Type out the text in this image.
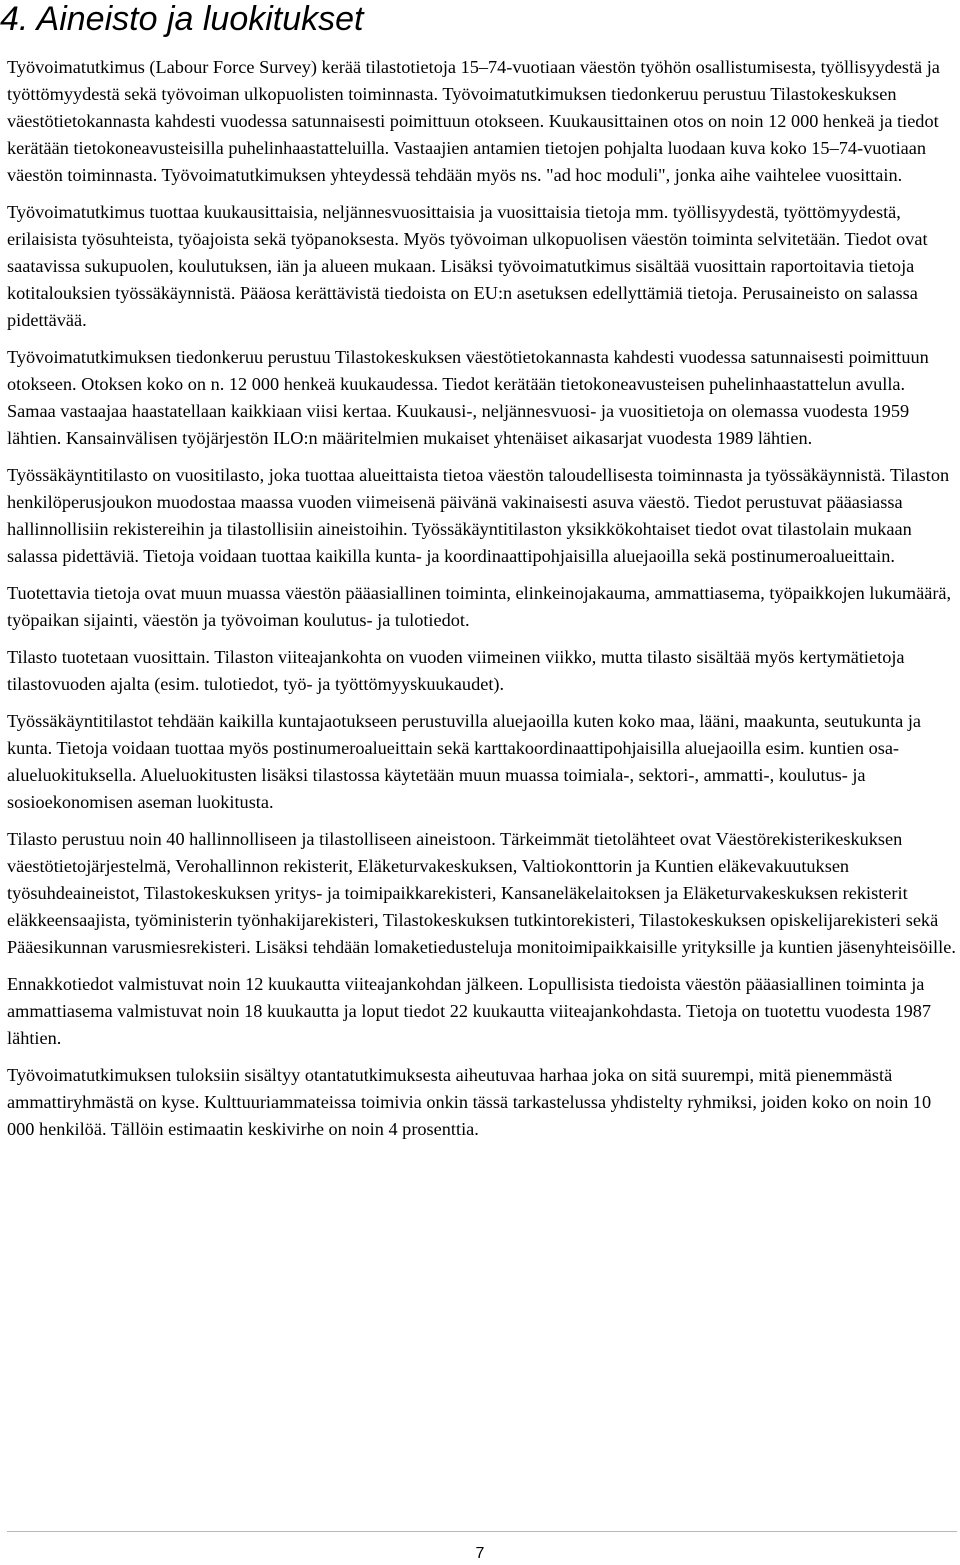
4. Aineisto ja luokitukset

Työvoimatutkimus (Labour Force Survey) kerää tilastotietoja 15–74-vuotiaan väestön työhön osallistumisesta, työllisyydestä ja työttömyydestä sekä työvoiman ulkopuolisten toiminnasta. Työvoimatutkimuksen tiedonkeruu perustuu Tilastokeskuksen väestötietokannasta kahdesti vuodessa satunnaisesti poimittuun otokseen. Kuukausittainen otos on noin 12 000 henkeä ja tiedot kerätään tietokoneavusteisilla puhelinhaastatteluilla. Vastaajien antamien tietojen pohjalta luodaan kuva koko 15–74-vuotiaan väestön toiminnasta. Työvoimatutkimuksen yhteydessä tehdään myös ns. "ad hoc moduli", jonka aihe vaihtelee vuosittain.

Työvoimatutkimus tuottaa kuukausittaisia, neljännesvuosittaisia ja vuosittaisia tietoja mm. työllisyydestä, työttömyydestä, erilaisista työsuhteista, työajoista sekä työpanoksesta. Myös työvoiman ulkopuolisen väestön toiminta selvitetään. Tiedot ovat saatavissa sukupuolen, koulutuksen, iän ja alueen mukaan. Lisäksi työvoimatutkimus sisältää vuosittain raportoitavia tietoja kotitalouksien työssäkäynnistä. Pääosa kerättävistä tiedoista on EU:n asetuksen edellyttämiä tietoja. Perusaineisto on salassa pidettävää.

Työvoimatutkimuksen tiedonkeruu perustuu Tilastokeskuksen väestötietokannasta kahdesti vuodessa satunnaisesti poimittuun otokseen. Otoksen koko on n. 12 000 henkeä kuukaudessa. Tiedot kerätään tietokoneavusteisen puhelinhaastattelun avulla. Samaa vastaajaa haastatellaan kaikkiaan viisi kertaa. Kuukausi-, neljännesvuosi- ja vuositietoja on olemassa vuodesta 1959 lähtien. Kansainvälisen työjärjestön ILO:n määritelmien mukaiset yhtenäiset aikasarjat vuodesta 1989 lähtien.

Työssäkäyntitilasto on vuositilasto, joka tuottaa alueittaista tietoa väestön taloudellisesta toiminnasta ja työssäkäynnistä. Tilaston henkilöperusjoukon muodostaa maassa vuoden viimeisenä päivänä vakinaisesti asuva väestö. Tiedot perustuvat pääasiassa hallinnollisiin rekistereihin ja tilastollisiin aineistoihin. Työssäkäyntitilaston yksikkökohtaiset tiedot ovat tilastolain mukaan salassa pidettäviä. Tietoja voidaan tuottaa kaikilla kunta- ja koordinaattipohjaisilla aluejaoilla sekä postinumeroalueittain.

Tuotettavia tietoja ovat muun muassa väestön pääasiallinen toiminta, elinkeinojakauma, ammattiasema, työpaikkojen lukumäärä, työpaikan sijainti, väestön ja työvoiman koulutus- ja tulotiedot.

Tilasto tuotetaan vuosittain. Tilaston viiteajankohta on vuoden viimeinen viikko, mutta tilasto sisältää myös kertymätietoja tilastovuoden ajalta (esim. tulotiedot, työ- ja työttömyyskuukaudet).

Työssäkäyntitilastot tehdään kaikilla kuntajaotukseen perustuvilla aluejaoilla kuten koko maa, lääni, maakunta, seutukunta ja kunta. Tietoja voidaan tuottaa myös postinumeroalueittain sekä karttakoordinaattipohjaisilla aluejaoilla esim. kuntien osa-alueluokituksella. Alueluokitusten lisäksi tilastossa käytetään muun muassa toimiala-, sektori-, ammatti-, koulutus- ja sosioekonomisen aseman luokitusta.

Tilasto perustuu noin 40 hallinnolliseen ja tilastolliseen aineistoon. Tärkeimmät tietolähteet ovat Väestörekisterikeskuksen väestötietojärjestelmä, Verohallinnon rekisterit, Eläketurvakeskuksen, Valtiokonttorin ja Kuntien eläkevakuutuksen työsuhdeaineistot, Tilastokeskuksen yritys- ja toimipaikkarekisteri, Kansaneläkelaitoksen ja Eläketurvakeskuksen rekisterit eläkkeensaajista, työministerin työnhakijarekisteri, Tilastokeskuksen tutkintorekisteri, Tilastokeskuksen opiskelijarekisteri sekä Pääesikunnan varusmiesrekisteri. Lisäksi tehdään lomaketiedusteluja monitoimipaikkaisille yrityksille ja kuntien jäsenyhteisöille.

Ennakkotiedot valmistuvat noin 12 kuukautta viiteajankohdan jälkeen. Lopullisista tiedoista väestön pääasiallinen toiminta ja ammattiasema valmistuvat noin 18 kuukautta ja loput tiedot 22 kuukautta viiteajankohdasta. Tietoja on tuotettu vuodesta 1987 lähtien.

Työvoimatutkimuksen tuloksiin sisältyy otantatutkimuksesta aiheutuvaa harhaa joka on sitä suurempi, mitä pienemmästä ammattiryhmästä on kyse. Kulttuuriammateissa toimivia onkin tässä tarkastelussa yhdistelty ryhmiksi, joiden koko on noin 10 000 henkilöä. Tällöin estimaatin keskivirhe on noin 4 prosenttia.

7
